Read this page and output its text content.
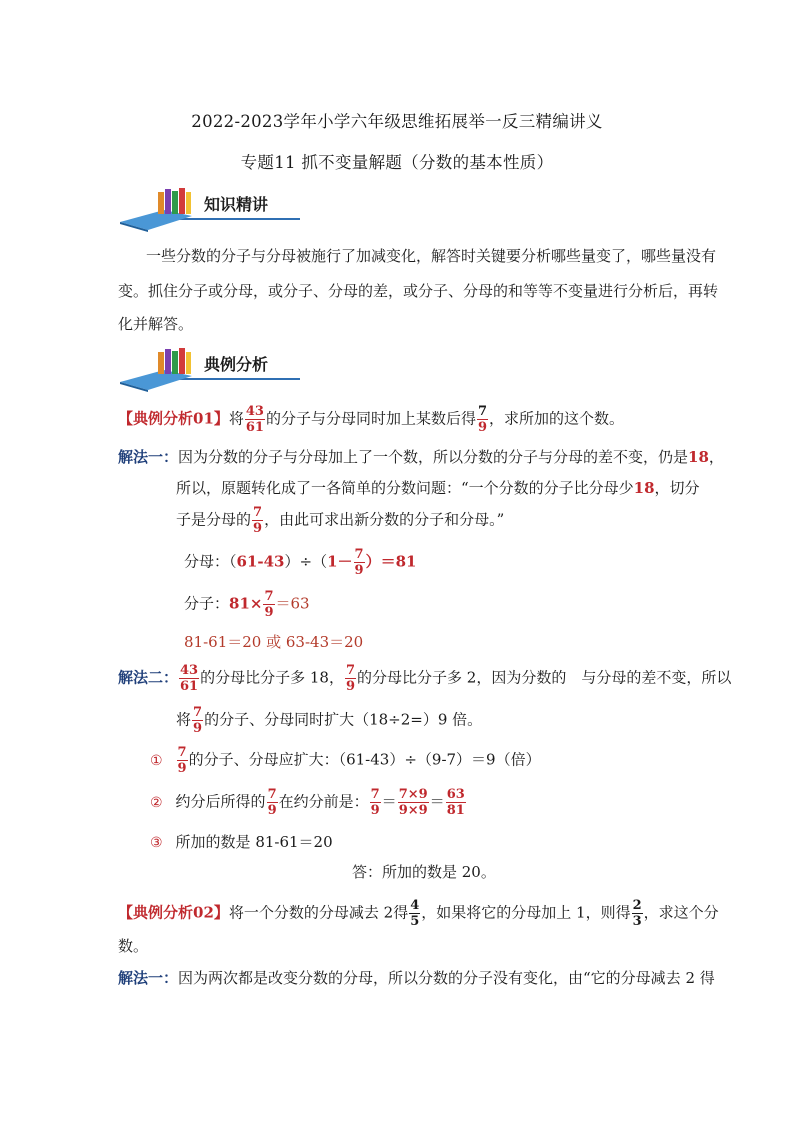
2022-2023学年小学六年级思维拓展举一反三精编讲义
专题11 抓不变量解题（分数的基本性质）
知识精讲
一些分数的分子与分母被施行了加减变化，解答时关键要分析哪些量变了，哪些量没有
变。抓住分子或分母，或分子、分母的差，或分子、分母的和等等不变量进行分析后，再转
化并解答。
典例分析
【典例分析01】将 $\frac{43}{61}$ 的分子与分母同时加上某数后得 $\frac{7}{9}$ ，求所加的这个数。
解法一：因为分数的分子与分母加上了一个数，所以分数的分子与分母的差不变，仍是18，
所以，原题转化成了一各简单的分数问题：“一个分数的分子比分母少18，切分
子是分母的 $\frac{7}{9}$ ，由此可求出新分数的分子和分母。”
分母：$(61-43)\div(1- \frac{7}{9} )=81$
分子：$81\times \frac{7}{9} =63$
81-61＝20 或 63-43＝20
解法二： $\frac{43}{61}$ 的分母比分子多 18， $\frac{7}{9}$ 的分母比分子多 2，因为分数的　与分母的差不变，所以
将 $\frac{7}{9}$ 的分子、分母同时扩大（18÷2=）9 倍。
① $\frac{7}{9}$ 的分子、分母应扩大：（61-43）÷（9-7）＝9（倍）
② 约分后所得的 $\frac{7}{9}$ 在约分前是： $\frac{7}{9} = \frac{7\times 9}{9\times 9} = \frac{63}{81}$
③ 所加的数是 81-61＝20
答：所加的数是 20。
【典例分析02】将一个分数的分母减去 2得 $\frac{4}{5}$ ，如果将它的分母加上 1，则得 $\frac{2}{3}$ ，求这个分
数。
解法一：因为两次都是改变分数的分母，所以分数的分子没有变化，由“它的分母减去 2 得
